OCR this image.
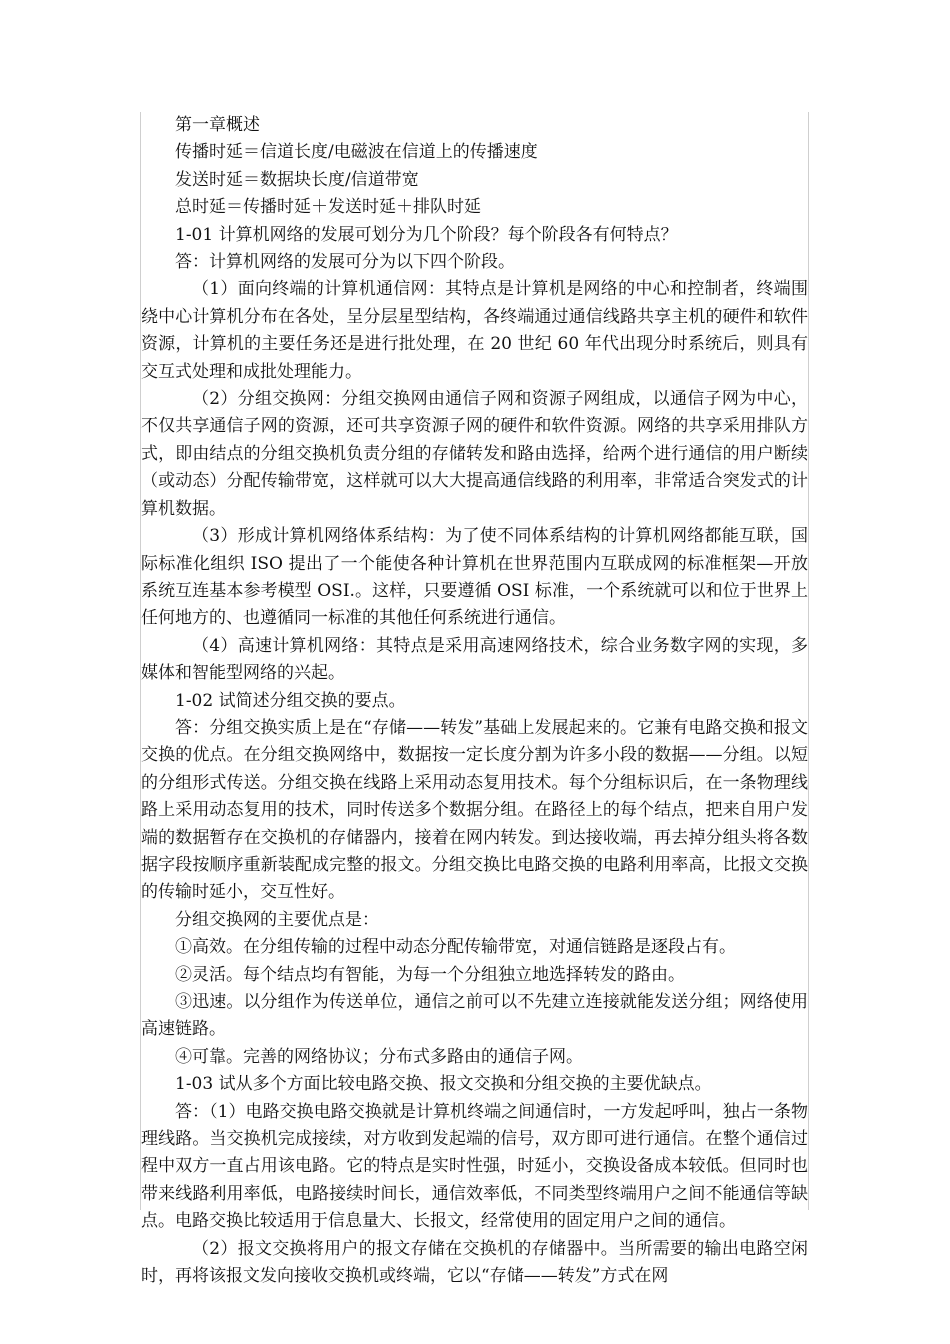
第一章概述

传播时延＝信道长度/电磁波在信道上的传播速度

发送时延＝数据块长度/信道带宽

总时延＝传播时延＋发送时延＋排队时延

1-01 计算机网络的发展可划分为几个阶段？每个阶段各有何特点？

答：计算机网络的发展可分为以下四个阶段。

（1）面向终端的计算机通信网：其特点是计算机是网络的中心和控制者，终端围绕中心计算机分布在各处，呈分层星型结构，各终端通过通信线路共享主机的硬件和软件资源，计算机的主要任务还是进行批处理，在 20 世纪 60 年代出现分时系统后，则具有交互式处理和成批处理能力。

（2）分组交换网：分组交换网由通信子网和资源子网组成，以通信子网为中心，不仅共享通信子网的资源，还可共享资源子网的硬件和软件资源。网络的共享采用排队方式，即由结点的分组交换机负责分组的存储转发和路由选择，给两个进行通信的用户断续（或动态）分配传输带宽，这样就可以大大提高通信线路的利用率，非常适合突发式的计算机数据。

（3）形成计算机网络体系结构：为了使不同体系结构的计算机网络都能互联，国际标准化组织 ISO 提出了一个能使各种计算机在世界范围内互联成网的标准框架—开放系统互连基本参考模型 OSI.。这样，只要遵循 OSI 标准，一个系统就可以和位于世界上任何地方的、也遵循同一标准的其他任何系统进行通信。

（4）高速计算机网络：其特点是采用高速网络技术，综合业务数字网的实现，多媒体和智能型网络的兴起。

1-02 试简述分组交换的要点。

答：分组交换实质上是在“存储——转发”基础上发展起来的。它兼有电路交换和报文交换的优点。在分组交换网络中，数据按一定长度分割为许多小段的数据——分组。以短的分组形式传送。分组交换在线路上采用动态复用技术。每个分组标识后，在一条物理线路上采用动态复用的技术，同时传送多个数据分组。在路径上的每个结点，把来自用户发端的数据暂存在交换机的存储器内，接着在网内转发。到达接收端，再去掉分组头将各数据字段按顺序重新装配成完整的报文。分组交换比电路交换的电路利用率高，比报文交换的传输时延小，交互性好。

分组交换网的主要优点是：

①高效。在分组传输的过程中动态分配传输带宽，对通信链路是逐段占有。

②灵活。每个结点均有智能，为每一个分组独立地选择转发的路由。

③迅速。以分组作为传送单位，通信之前可以不先建立连接就能发送分组；网络使用高速链路。

④可靠。完善的网络协议；分布式多路由的通信子网。

1-03 试从多个方面比较电路交换、报文交换和分组交换的主要优缺点。

答：（1）电路交换电路交换就是计算机终端之间通信时，一方发起呼叫，独占一条物理线路。当交换机完成接续，对方收到发起端的信号，双方即可进行通信。在整个通信过程中双方一直占用该电路。它的特点是实时性强，时延小，交换设备成本较低。但同时也带来线路利用率低，电路接续时间长，通信效率低，不同类型终端用户之间不能通信等缺点。电路交换比较适用于信息量大、长报文，经常使用的固定用户之间的通信。

（2）报文交换将用户的报文存储在交换机的存储器中。当所需要的输出电路空闲时，再将该报文发向接收交换机或终端，它以“存储——转发”方式在网
